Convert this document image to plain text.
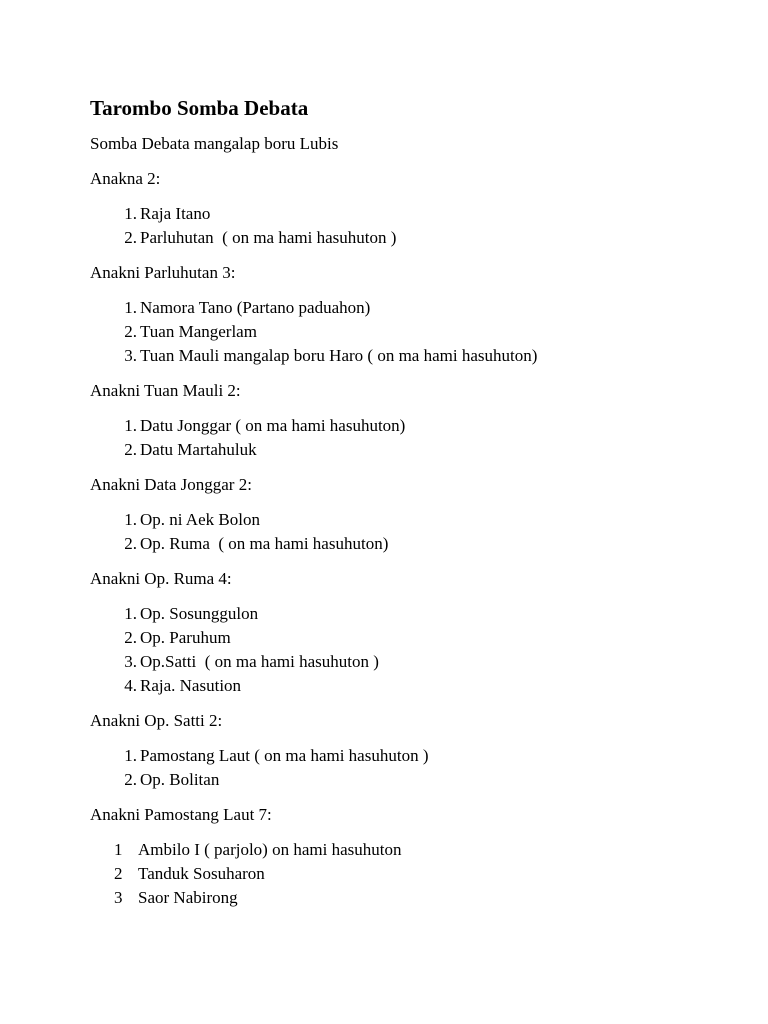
Tarombo Somba Debata

Somba Debata mangalap boru Lubis

Anakna 2:

1. Raja Itano
2. Parluhutan  ( on ma hami hasuhuton )

Anakni Parluhutan 3:

1. Namora Tano (Partano paduahon)
2. Tuan Mangerlam
3. Tuan Mauli mangalap boru Haro ( on ma hami hasuhuton)

Anakni Tuan Mauli 2:

1. Datu Jonggar ( on ma hami hasuhuton)
2. Datu Martahuluk

Anakni Data Jonggar 2:

1. Op. ni Aek Bolon
2. Op. Ruma  ( on ma hami hasuhuton)

Anakni Op. Ruma 4:

1. Op. Sosunggulon
2. Op. Paruhum
3. Op.Satti  ( on ma hami hasuhuton )
4. Raja. Nasution

Anakni Op. Satti 2:

1. Pamostang Laut ( on ma hami hasuhuton )
2. Op. Bolitan

Anakni Pamostang Laut 7:

1 Ambilo I ( parjolo) on hami hasuhuton
2 Tanduk Sosuharon
3 Saor Nabirong
